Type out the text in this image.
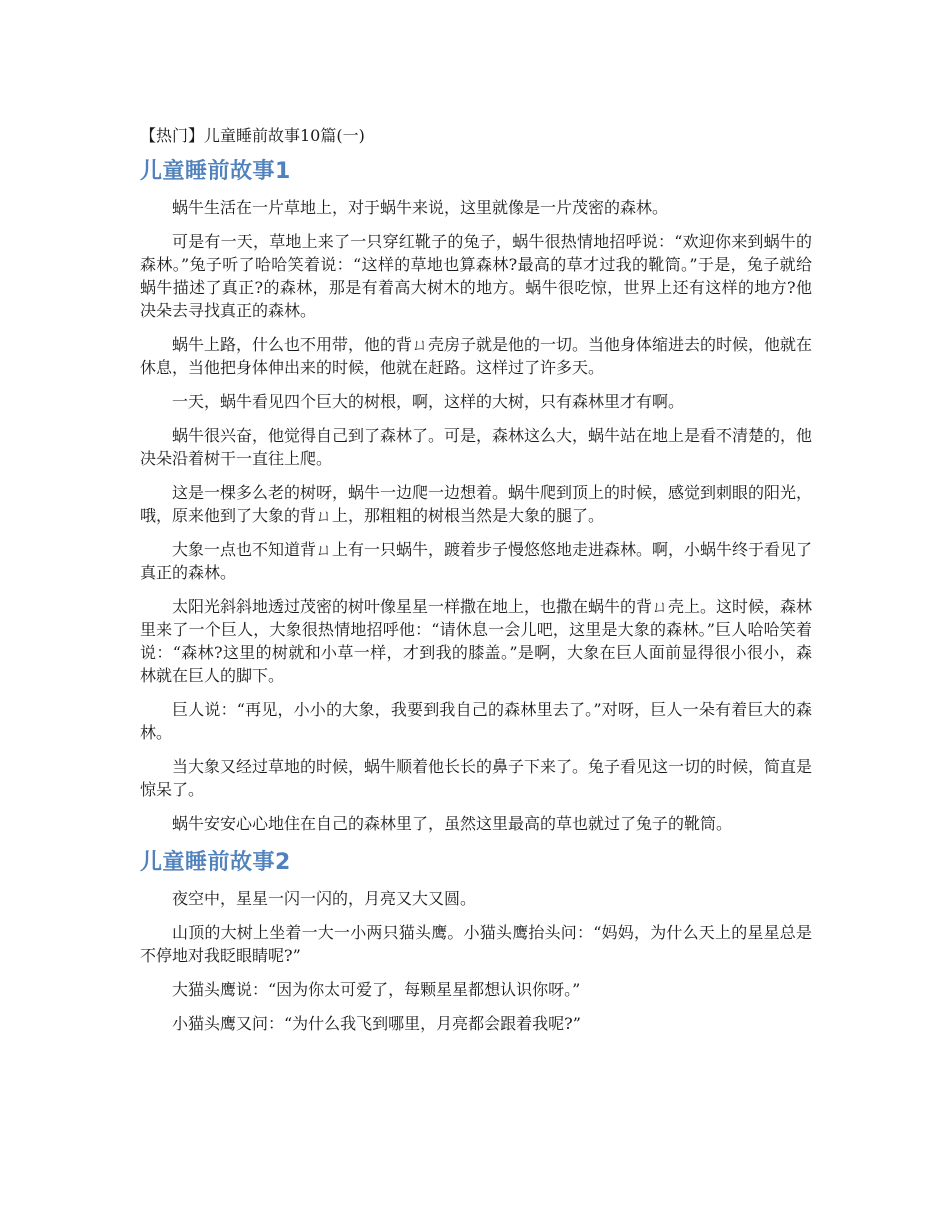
【热门】儿童睡前故事10篇(一)
儿童睡前故事1

蜗牛生活在一片草地上，对于蜗牛来说，这里就像是一片茂密的森林。

可是有一天，草地上来了一只穿红靴子的兔子，蜗牛很热情地招呼说：“欢迎你来到蜗牛的森林。”兔子听了哈哈笑着说：“这样的草地也算森林?最高的草才过我的靴筒。”于是，兔子就给蜗牛描述了真正?的森林，那是有着高大树木的地方。蜗牛很吃惊，世界上还有这样的地方?他决朵去寻找真正的森林。

蜗牛上路，什么也不用带，他的背ㄩ壳房子就是他的一切。当他身体缩进去的时候，他就在休息，当他把身体伸出来的时候，他就在赶路。这样过了许多天。

一天，蜗牛看见四个巨大的树根，啊，这样的大树，只有森林里才有啊。

蜗牛很兴奋，他觉得自己到了森林了。可是，森林这么大，蜗牛站在地上是看不清楚的，他决朵沿着树干一直往上爬。

这是一棵多么老的树呀，蜗牛一边爬一边想着。蜗牛爬到顶上的时候，感觉到刺眼的阳光，哦，原来他到了大象的背ㄩ上，那粗粗的树根当然是大象的腿了。

大象一点也不知道背ㄩ上有一只蜗牛，踱着步子慢悠悠地走进森林。啊，小蜗牛终于看见了真正的森林。

太阳光斜斜地透过茂密的树叶像星星一样撒在地上，也撒在蜗牛的背ㄩ壳上。这时候，森林里来了一个巨人，大象很热情地招呼他：“请休息一会儿吧，这里是大象的森林。”巨人哈哈笑着说：“森林?这里的树就和小草一样，才到我的膝盖。”是啊，大象在巨人面前显得很小很小，森林就在巨人的脚下。

巨人说：“再见，小小的大象，我要到我自己的森林里去了。”对呀，巨人一朵有着巨大的森林。

当大象又经过草地的时候，蜗牛顺着他长长的鼻子下来了。兔子看见这一切的时候，简直是惊呆了。

蜗牛安安心心地住在自己的森林里了，虽然这里最高的草也就过了兔子的靴筒。

儿童睡前故事2

夜空中，星星一闪一闪的，月亮又大又圆。

山顶的大树上坐着一大一小两只猫头鹰。小猫头鹰抬头问：“妈妈，为什么天上的星星总是不停地对我眨眼睛呢?”

大猫头鹰说：“因为你太可爱了，每颗星星都想认识你呀。”

小猫头鹰又问：“为什么我飞到哪里，月亮都会跟着我呢?”
